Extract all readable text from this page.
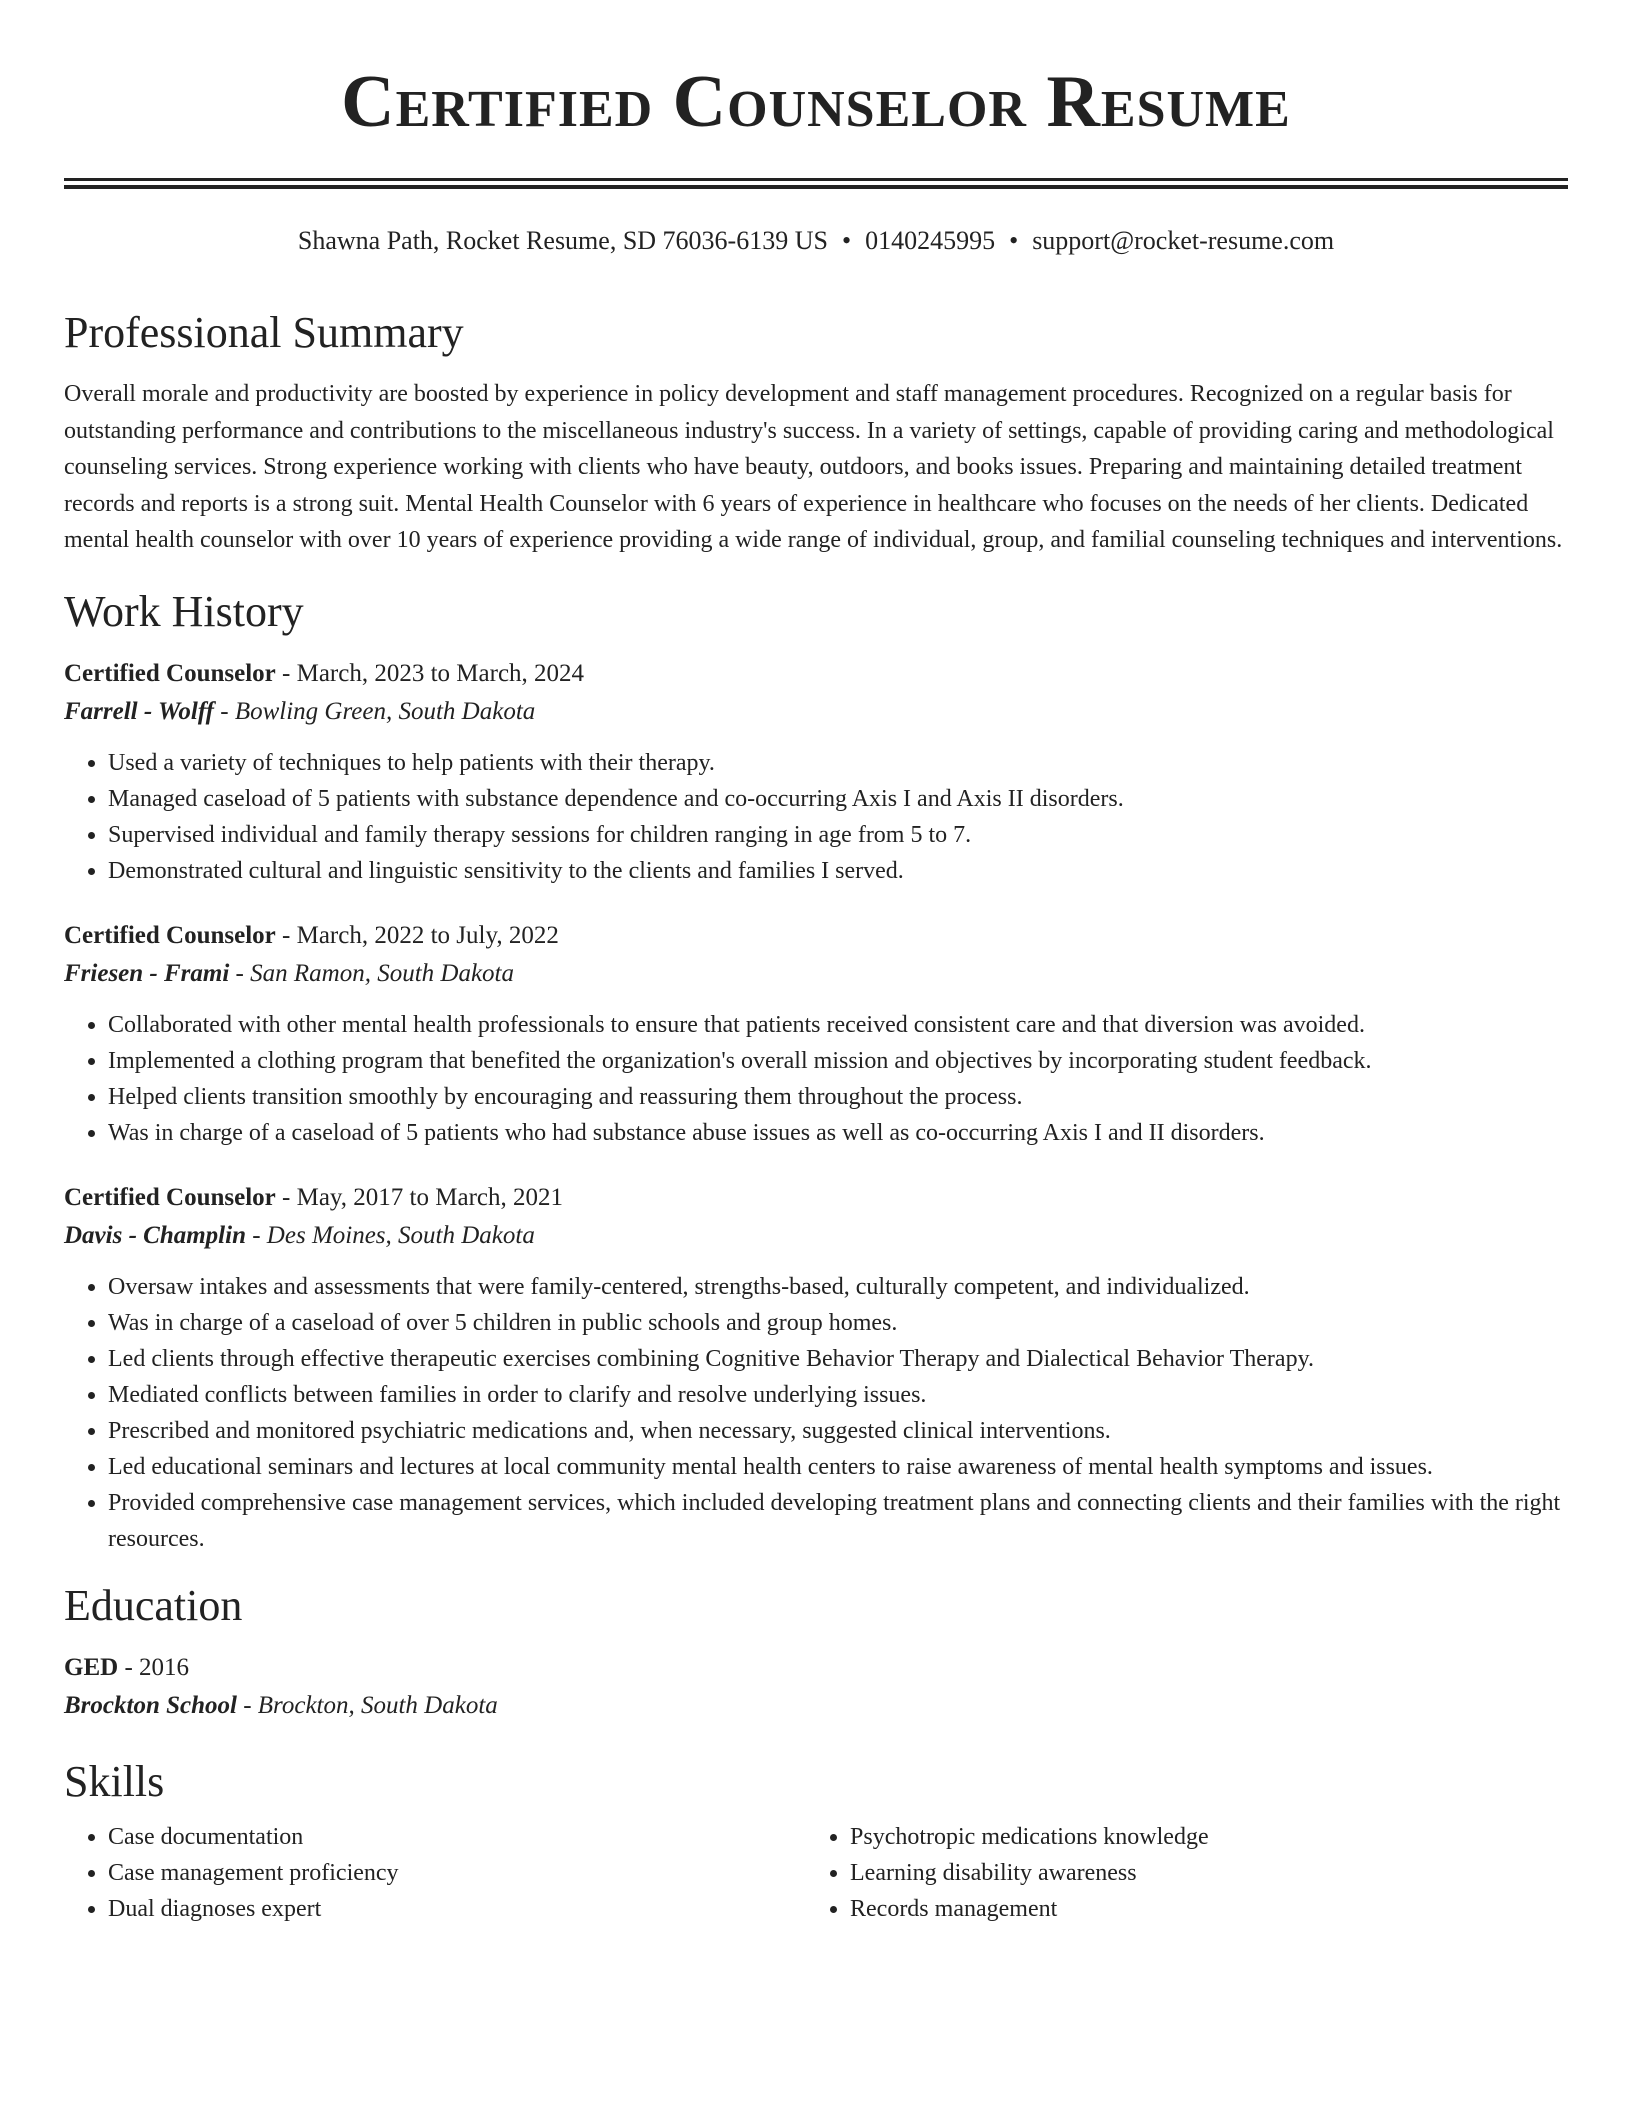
Certified Counselor Resume
Shawna Path, Rocket Resume, SD 76036-6139 US • 0140245995 • support@rocket-resume.com
Professional Summary

Overall morale and productivity are boosted by experience in policy development and staff management procedures. Recognized on a regular basis for outstanding performance and contributions to the miscellaneous industry's success. In a variety of settings, capable of providing caring and methodological counseling services. Strong experience working with clients who have beauty, outdoors, and books issues. Preparing and maintaining detailed treatment records and reports is a strong suit. Mental Health Counselor with 6 years of experience in healthcare who focuses on the needs of her clients. Dedicated mental health counselor with over 10 years of experience providing a wide range of individual, group, and familial counseling techniques and interventions.

Work History
Certified Counselor - March, 2023 to March, 2024
Farrell - Wolff - Bowling Green, South Dakota
• Used a variety of techniques to help patients with their therapy.
• Managed caseload of 5 patients with substance dependence and co-occurring Axis I and Axis II disorders.
• Supervised individual and family therapy sessions for children ranging in age from 5 to 7.
• Demonstrated cultural and linguistic sensitivity to the clients and families I served.
Certified Counselor - March, 2022 to July, 2022
Friesen - Frami - San Ramon, South Dakota
• Collaborated with other mental health professionals to ensure that patients received consistent care and that diversion was avoided.
• Implemented a clothing program that benefited the organization's overall mission and objectives by incorporating student feedback.
• Helped clients transition smoothly by encouraging and reassuring them throughout the process.
• Was in charge of a caseload of 5 patients who had substance abuse issues as well as co-occurring Axis I and II disorders.
Certified Counselor - May, 2017 to March, 2021
Davis - Champlin - Des Moines, South Dakota
• Oversaw intakes and assessments that were family-centered, strengths-based, culturally competent, and individualized.
• Was in charge of a caseload of over 5 children in public schools and group homes.
• Led clients through effective therapeutic exercises combining Cognitive Behavior Therapy and Dialectical Behavior Therapy.
• Mediated conflicts between families in order to clarify and resolve underlying issues.
• Prescribed and monitored psychiatric medications and, when necessary, suggested clinical interventions.
• Led educational seminars and lectures at local community mental health centers to raise awareness of mental health symptoms and issues.
• Provided comprehensive case management services, which included developing treatment plans and connecting clients and their families with the right resources.
Education
GED - 2016
Brockton School - Brockton, South Dakota
Skills
• Case documentation
• Case management proficiency
• Dual diagnoses expert
• Psychotropic medications knowledge
• Learning disability awareness
• Records management
